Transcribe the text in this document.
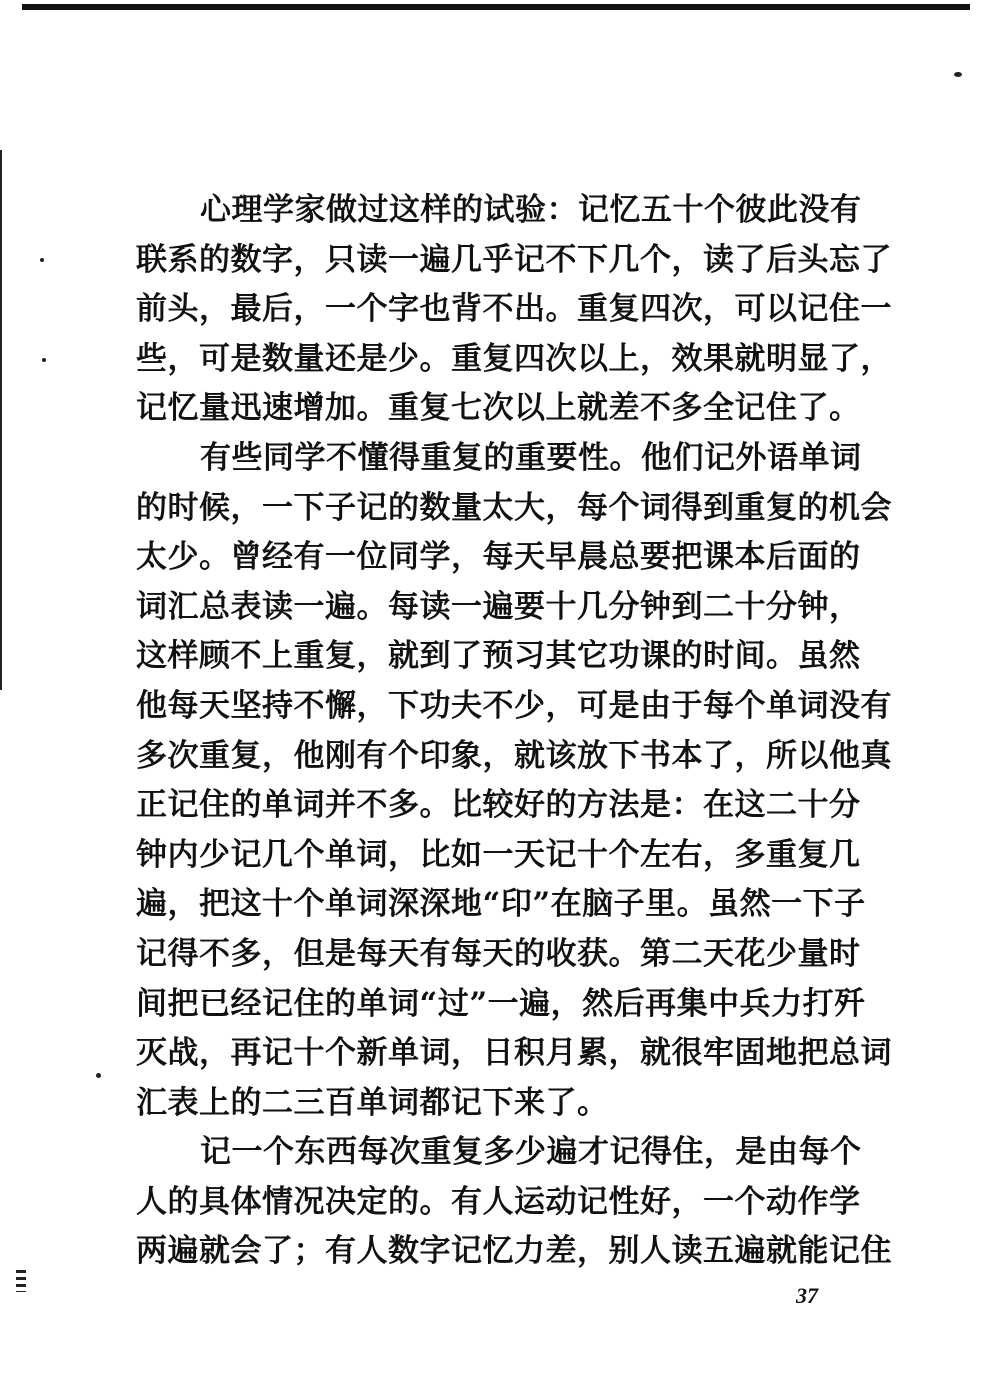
心理学家做过这样的试验：记忆五十个彼此没有
联系的数字，只读一遍几乎记不下几个，读了后头忘了
前头，最后，一个字也背不出。重复四次，可以记住一
些，可是数量还是少。重复四次以上，效果就明显了，
记忆量迅速增加。重复七次以上就差不多全记住了。
有些同学不懂得重复的重要性。他们记外语单词
的时候，一下子记的数量太大，每个词得到重复的机会
太少。曾经有一位同学，每天早晨总要把课本后面的
词汇总表读一遍。每读一遍要十几分钟到二十分钟，
这样顾不上重复，就到了预习其它功课的时间。虽然
他每天坚持不懈，下功夫不少，可是由于每个单词没有
多次重复，他刚有个印象，就该放下书本了，所以他真
正记住的单词并不多。比较好的方法是：在这二十分
钟内少记几个单词，比如一天记十个左右，多重复几
遍，把这十个单词深深地“印”在脑子里。虽然一下子
记得不多，但是每天有每天的收获。第二天花少量时
间把已经记住的单词“过”一遍，然后再集中兵力打歼
灭战，再记十个新单词，日积月累，就很牢固地把总词
汇表上的二三百单词都记下来了。
记一个东西每次重复多少遍才记得住，是由每个
人的具体情况决定的。有人运动记性好，一个动作学
两遍就会了；有人数字记忆力差，别人读五遍就能记住
37
